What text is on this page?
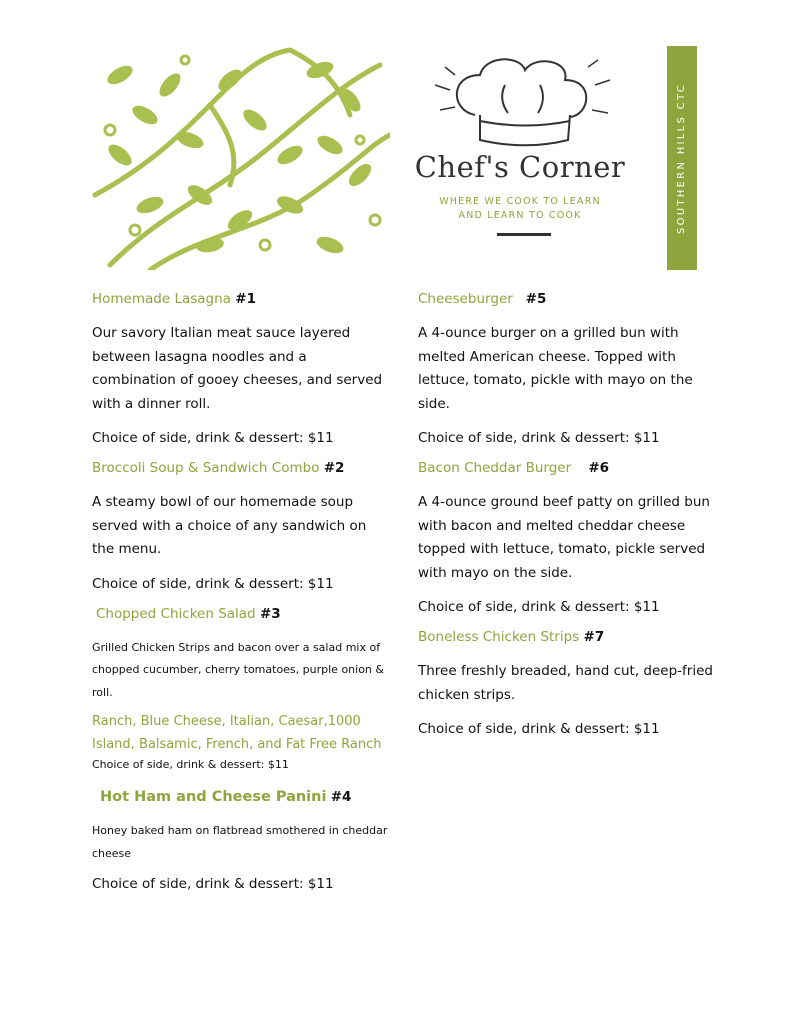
Chef's Corner
WHERE WE COOK TO LEARN
AND LEARN TO COOK	SOUTHERN HILLS CTC

Homemade Lasagna #1

Our savory Italian meat sauce layered between lasagna noodles and a combination of gooey cheeses, and served with a dinner roll.

Choice of side, drink & dessert: $11

Broccoli Soup & Sandwich Combo #2

A steamy bowl of our homemade soup served with a choice of any sandwich on the menu.

Choice of side, drink & dessert: $11

Chopped Chicken Salad #3

Grilled Chicken Strips and bacon over a salad mix of chopped cucumber, cherry tomatoes, purple onion & roll.

Ranch, Blue Cheese, Italian, Caesar,1000 Island, Balsamic, French, and Fat Free Ranch

Choice of side, drink & dessert: $11

Hot Ham and Cheese Panini #4

Honey baked ham on flatbread smothered in cheddar cheese

Choice of side, drink & dessert: $11

Cheeseburger #5

A 4-ounce burger on a grilled bun with melted American cheese. Topped with lettuce, tomato, pickle with mayo on the side.

Choice of side, drink & dessert: $11

Bacon Cheddar Burger #6

A 4-ounce ground beef patty on grilled bun with bacon and melted cheddar cheese topped with lettuce, tomato, pickle served with mayo on the side.

Choice of side, drink & dessert: $11

Boneless Chicken Strips #7

Three freshly breaded, hand cut, deep-fried chicken strips.

Choice of side, drink & dessert: $11
